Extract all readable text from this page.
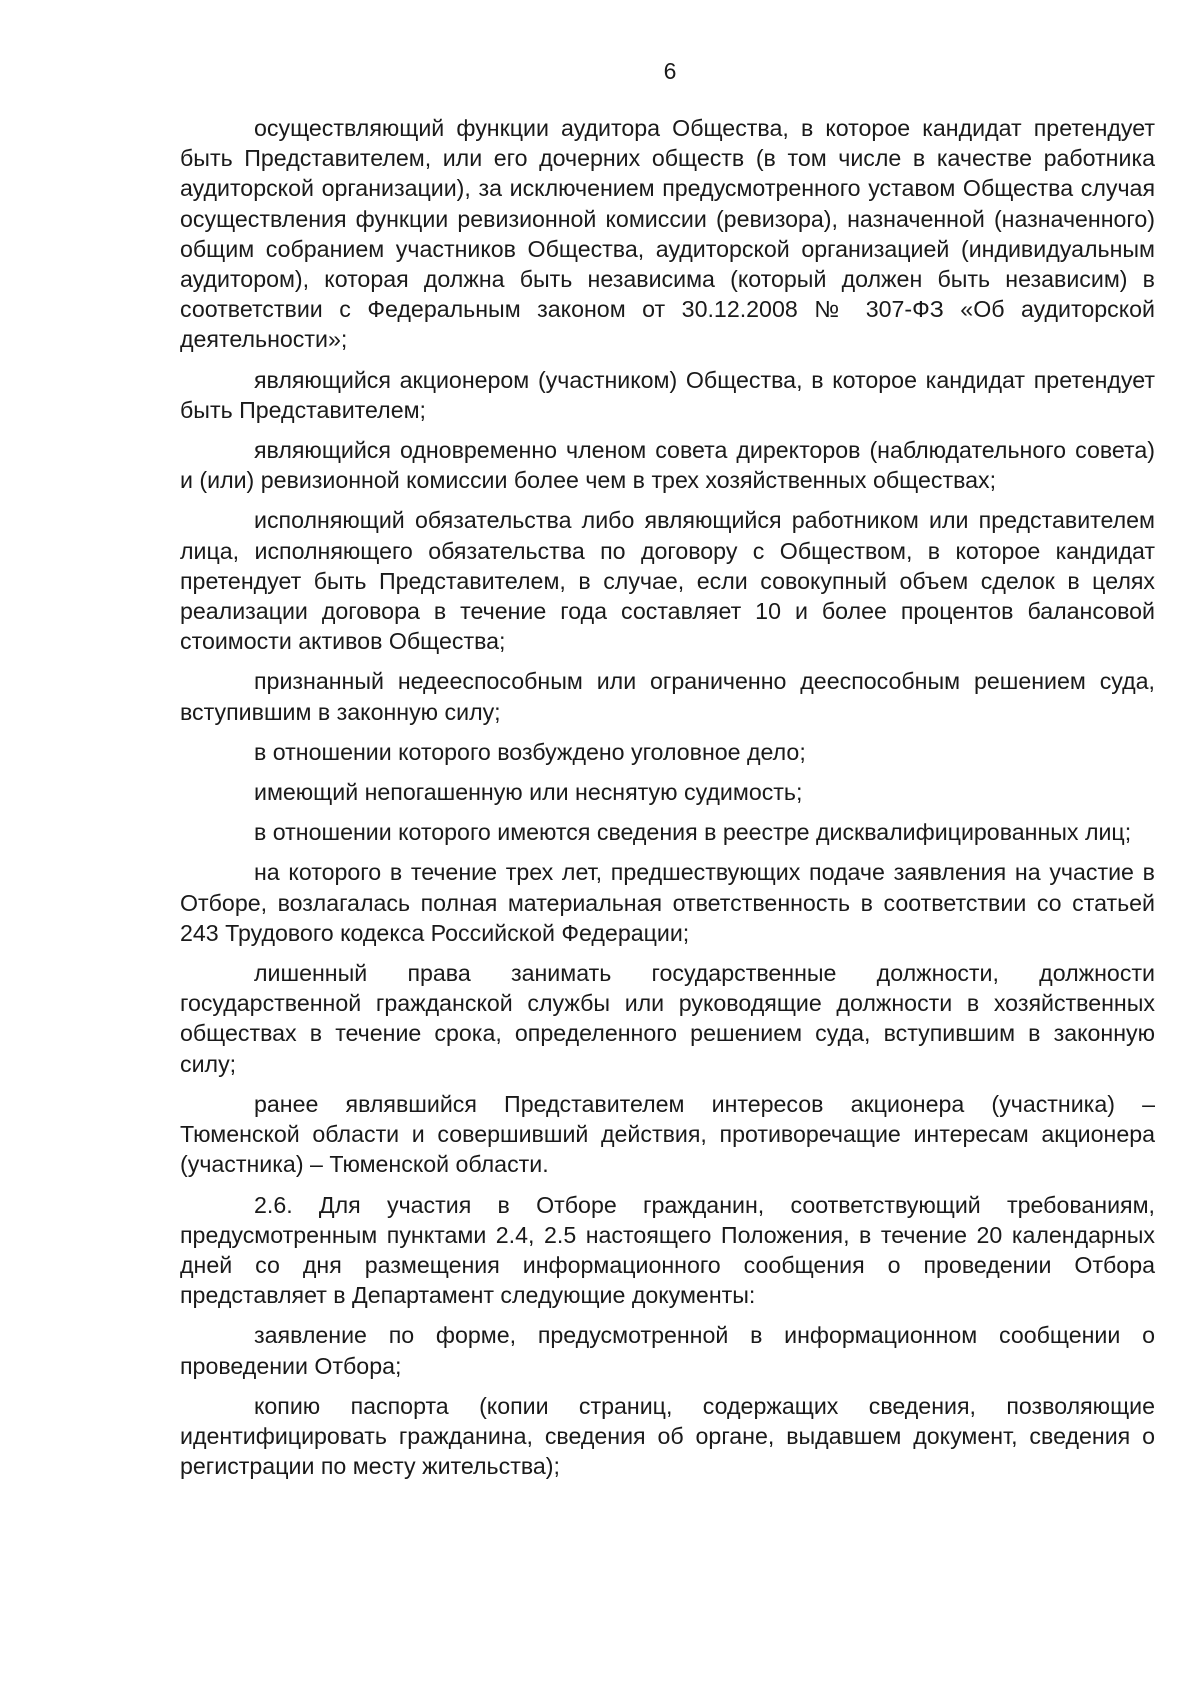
6

осуществляющий функции аудитора Общества, в которое кандидат претендует быть Представителем, или его дочерних обществ (в том числе в качестве работника аудиторской организации), за исключением предусмотренного уставом Общества случая осуществления функции ревизионной комиссии (ревизора), назначенной (назначенного) общим собранием участников Общества, аудиторской организацией (индивидуальным аудитором), которая должна быть независима (который должен быть независим) в соответствии с Федеральным законом от 30.12.2008 № 307-ФЗ «Об аудиторской деятельности»;

являющийся акционером (участником) Общества, в которое кандидат претендует быть Представителем;

являющийся одновременно членом совета директоров (наблюдательного совета) и (или) ревизионной комиссии более чем в трех хозяйственных обществах;

исполняющий обязательства либо являющийся работником или представителем лица, исполняющего обязательства по договору с Обществом, в которое кандидат претендует быть Представителем, в случае, если совокупный объем сделок в целях реализации договора в течение года составляет 10 и более процентов балансовой стоимости активов Общества;

признанный недееспособным или ограниченно дееспособным решением суда, вступившим в законную силу;

в отношении которого возбуждено уголовное дело;

имеющий непогашенную или неснятую судимость;

в отношении которого имеются сведения в реестре дисквалифицированных лиц;

на которого в течение трех лет, предшествующих подаче заявления на участие в Отборе, возлагалась полная материальная ответственность в соответствии со статьей 243 Трудового кодекса Российской Федерации;

лишенный права занимать государственные должности, должности государственной гражданской службы или руководящие должности в хозяйственных обществах в течение срока, определенного решением суда, вступившим в законную силу;

ранее являвшийся Представителем интересов акционера (участника) – Тюменской области и совершивший действия, противоречащие интересам акционера (участника) – Тюменской области.

2.6. Для участия в Отборе гражданин, соответствующий требованиям, предусмотренным пунктами 2.4, 2.5 настоящего Положения, в течение 20 календарных дней со дня размещения информационного сообщения о проведении Отбора представляет в Департамент следующие документы:

заявление по форме, предусмотренной в информационном сообщении о проведении Отбора;

копию паспорта (копии страниц, содержащих сведения, позволяющие идентифицировать гражданина, сведения об органе, выдавшем документ, сведения о регистрации по месту жительства);
